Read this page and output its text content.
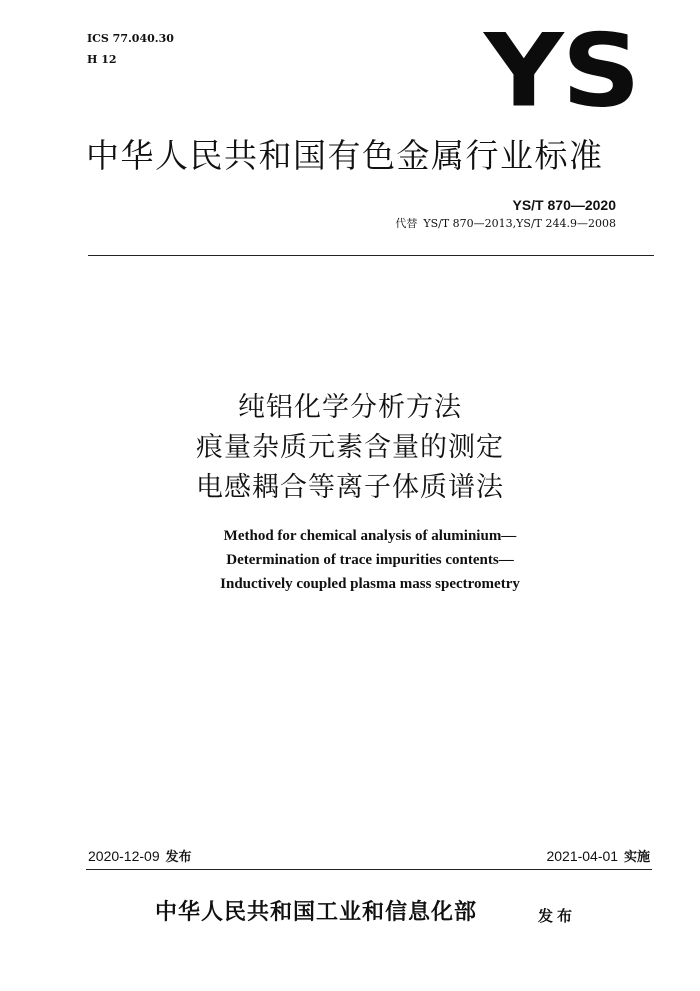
ICS 77.040.30
H 12	YS
中华人民共和国有色金属行业标准
YS/T 870—2020
代替 YS/T 870—2013,YS/T 244.9—2008
纯铝化学分析方法
痕量杂质元素含量的测定
电感耦合等离子体质谱法
Method for chemical analysis of aluminium—
Determination of trace impurities contents—
Inductively coupled plasma mass spectrometry
2020-12-09 发布	2021-04-01 实施
中华人民共和国工业和信息化部	发布
